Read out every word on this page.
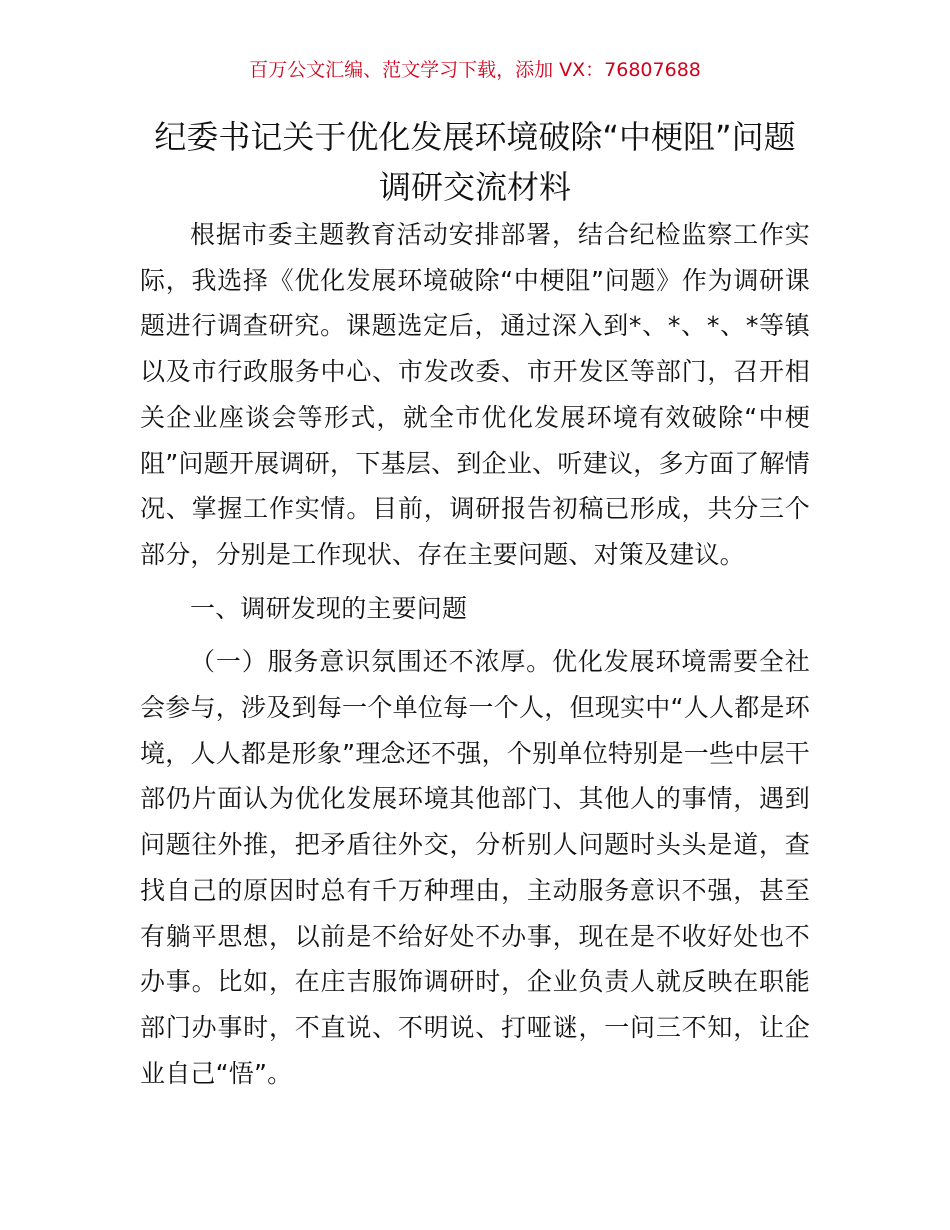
百万公文汇编、范文学习下载，添加 VX：76807688
纪委书记关于优化发展环境破除“中梗阻”问题调研交流材料

根据市委主题教育活动安排部署，结合纪检监察工作实际，我选择《优化发展环境破除“中梗阻”问题》作为调研课题进行调查研究。课题选定后，通过深入到*、*、*、*等镇以及市行政服务中心、市发改委、市开发区等部门，召开相关企业座谈会等形式，就全市优化发展环境有效破除“中梗阻”问题开展调研，下基层、到企业、听建议，多方面了解情况、掌握工作实情。目前，调研报告初稿已形成，共分三个部分，分别是工作现状、存在主要问题、对策及建议。

一、调研发现的主要问题

（一）服务意识氛围还不浓厚。优化发展环境需要全社会参与，涉及到每一个单位每一个人，但现实中“人人都是环境，人人都是形象”理念还不强，个别单位特别是一些中层干部仍片面认为优化发展环境其他部门、其他人的事情，遇到问题往外推，把矛盾往外交，分析别人问题时头头是道，查找自己的原因时总有千万种理由，主动服务意识不强，甚至有躺平思想，以前是不给好处不办事，现在是不收好处也不办事。比如，在庄吉服饰调研时，企业负责人就反映在职能部门办事时，不直说、不明说、打哑谜，一问三不知，让企业自己“悟”。
